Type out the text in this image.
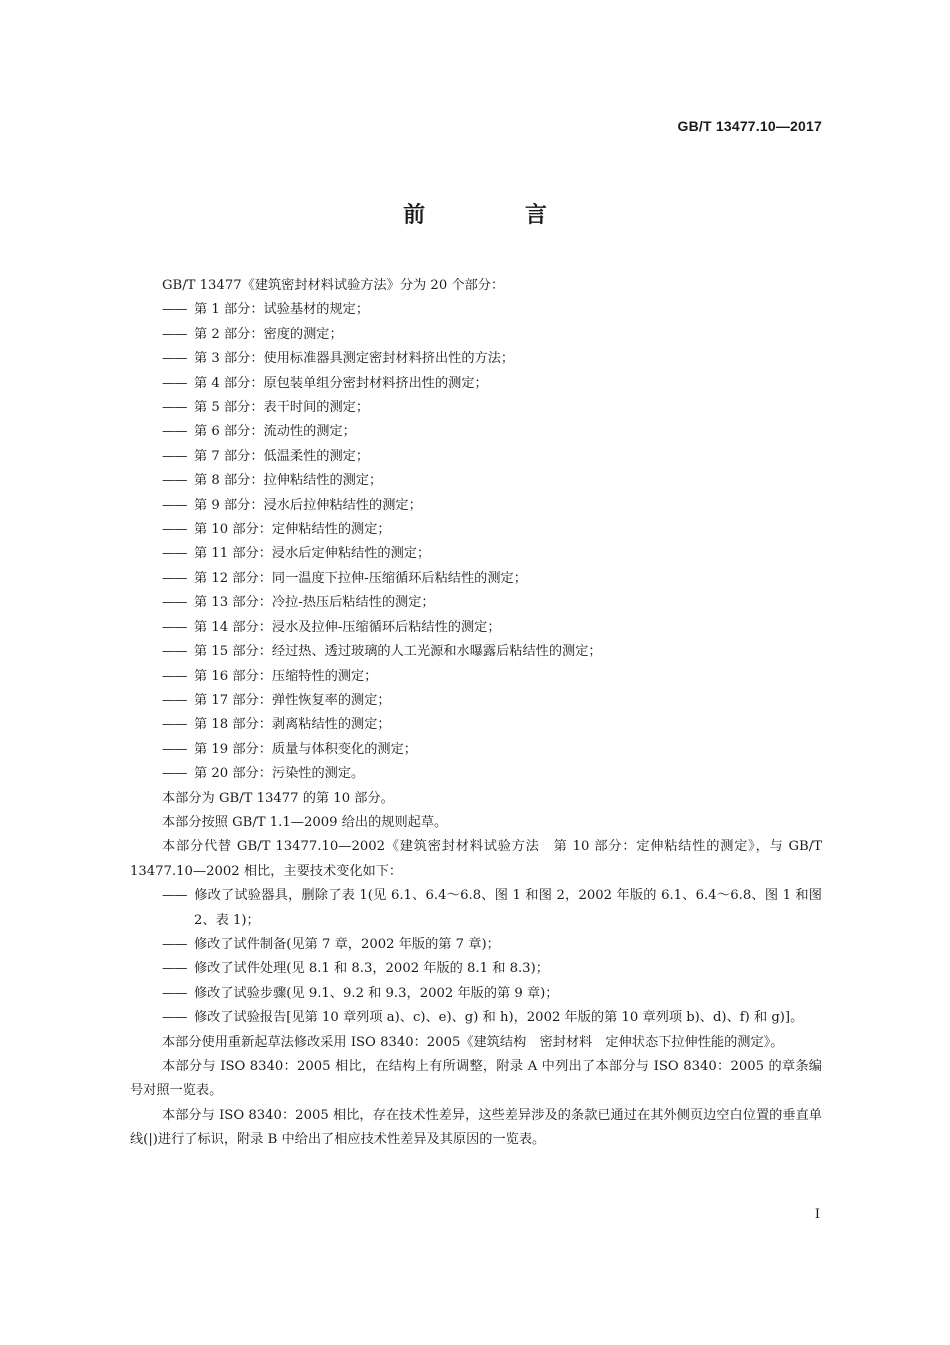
GB/T 13477.10—2017
前 言
GB/T 13477《建筑密封材料试验方法》分为 20 个部分：
—— 第 1 部分：试验基材的规定；
—— 第 2 部分：密度的测定；
—— 第 3 部分：使用标准器具测定密封材料挤出性的方法；
—— 第 4 部分：原包装单组分密封材料挤出性的测定；
—— 第 5 部分：表干时间的测定；
—— 第 6 部分：流动性的测定；
—— 第 7 部分：低温柔性的测定；
—— 第 8 部分：拉伸粘结性的测定；
—— 第 9 部分：浸水后拉伸粘结性的测定；
—— 第 10 部分：定伸粘结性的测定；
—— 第 11 部分：浸水后定伸粘结性的测定；
—— 第 12 部分：同一温度下拉伸-压缩循环后粘结性的测定；
—— 第 13 部分：冷拉-热压后粘结性的测定；
—— 第 14 部分：浸水及拉伸-压缩循环后粘结性的测定；
—— 第 15 部分：经过热、透过玻璃的人工光源和水曝露后粘结性的测定；
—— 第 16 部分：压缩特性的测定；
—— 第 17 部分：弹性恢复率的测定；
—— 第 18 部分：剥离粘结性的测定；
—— 第 19 部分：质量与体积变化的测定；
—— 第 20 部分：污染性的测定。
本部分为 GB/T 13477 的第 10 部分。
本部分按照 GB/T 1.1—2009 给出的规则起草。
本部分代替 GB/T 13477.10—2002《建筑密封材料试验方法　第 10 部分：定伸粘结性的测定》，与 GB/T 13477.10—2002 相比，主要技术变化如下：
—— 修改了试验器具，删除了表 1(见 6.1、6.4～6.8、图 1 和图 2，2002 年版的 6.1、6.4～6.8、图 1 和图 2、表 1)；
—— 修改了试件制备(见第 7 章，2002 年版的第 7 章)；
—— 修改了试件处理(见 8.1 和 8.3，2002 年版的 8.1 和 8.3)；
—— 修改了试验步骤(见 9.1、9.2 和 9.3，2002 年版的第 9 章)；
—— 修改了试验报告[见第 10 章列项 a)、c)、e)、g) 和 h)，2002 年版的第 10 章列项 b)、d)、f) 和 g)]。
本部分使用重新起草法修改采用 ISO 8340：2005《建筑结构　密封材料　定伸状态下拉伸性能的测定》。
本部分与 ISO 8340：2005 相比，在结构上有所调整，附录 A 中列出了本部分与 ISO 8340：2005 的章条编号对照一览表。
本部分与 ISO 8340：2005 相比，存在技术性差异，这些差异涉及的条款已通过在其外侧页边空白位置的垂直单线(|)进行了标识，附录 B 中给出了相应技术性差异及其原因的一览表。
I
